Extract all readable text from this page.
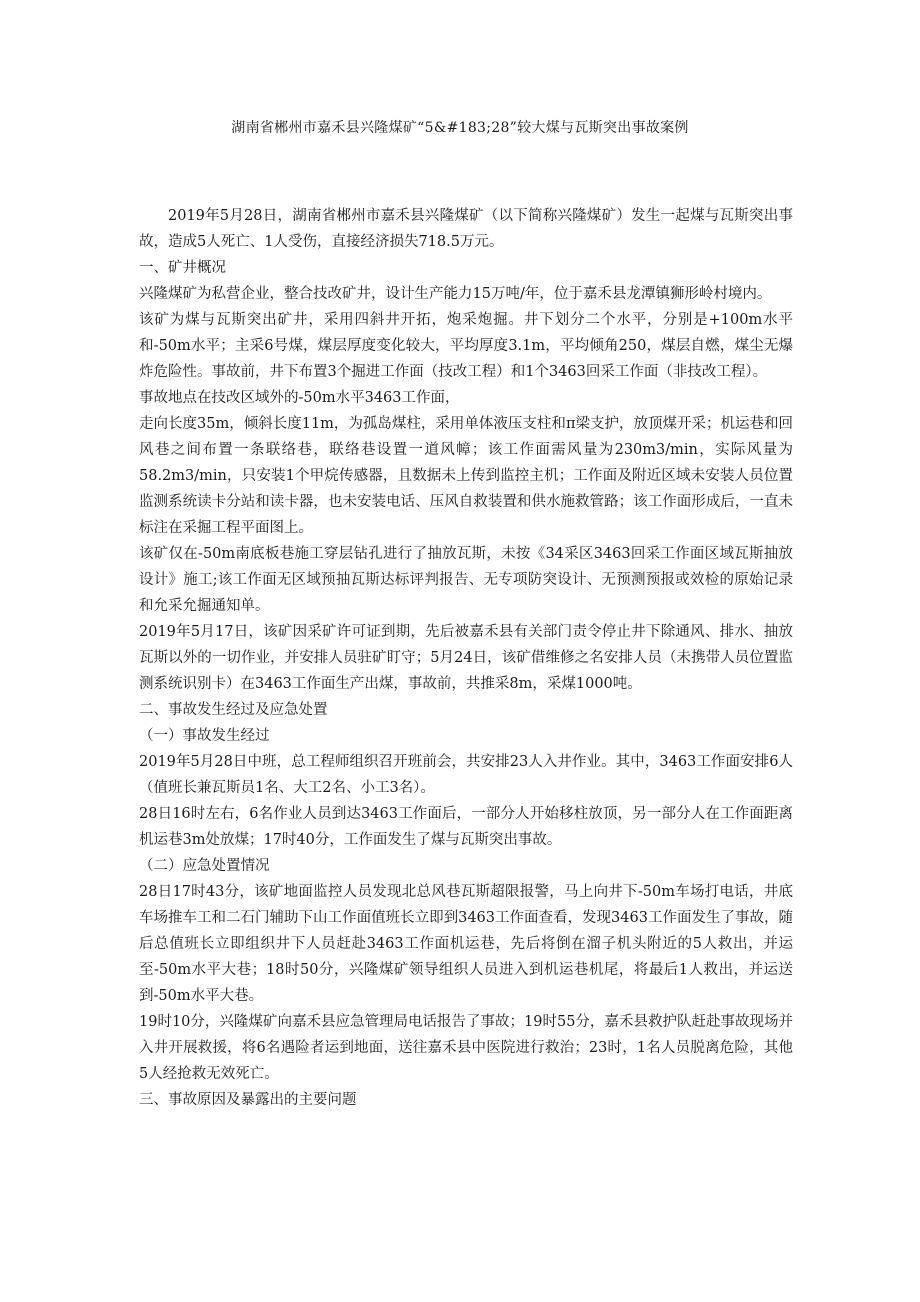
湖南省郴州市嘉禾县兴隆煤矿“5&#183;28”较大煤与瓦斯突出事故案例

2019年5月28日，湖南省郴州市嘉禾县兴隆煤矿（以下简称兴隆煤矿）发生一起煤与瓦斯突出事故，造成5人死亡、1人受伤，直接经济损失718.5万元。

一、矿井概况

兴隆煤矿为私营企业，整合技改矿井，设计生产能力15万吨/年，位于嘉禾县龙潭镇狮形岭村境内。

该矿为煤与瓦斯突出矿井，采用四斜井开拓，炮采炮掘。井下划分二个水平，分别是+100m水平和-50m水平；主采6号煤，煤层厚度变化较大，平均厚度3.1m，平均倾角250，煤层自燃，煤尘无爆炸危险性。事故前，井下布置3个掘进工作面（技改工程）和1个3463回采工作面（非技改工程）。

事故地点在技改区域外的-50m水平3463工作面，

走向长度35m，倾斜长度11m，为孤岛煤柱，采用单体液压支柱和π梁支护，放顶煤开采；机运巷和回风巷之间布置一条联络巷，联络巷设置一道风幛；该工作面需风量为230m3/min，实际风量为58.2m3/min，只安装1个甲烷传感器，且数据未上传到监控主机；工作面及附近区域未安装人员位置监测系统读卡分站和读卡器，也未安装电话、压风自救装置和供水施救管路；该工作面形成后，一直未标注在采掘工程平面图上。

该矿仅在-50m南底板巷施工穿层钻孔进行了抽放瓦斯，未按《34采区3463回采工作面区域瓦斯抽放设计》施工;该工作面无区域预抽瓦斯达标评判报告、无专项防突设计、无预测预报或效检的原始记录和允采允掘通知单。

2019年5月17日，该矿因采矿许可证到期，先后被嘉禾县有关部门责令停止井下除通风、排水、抽放瓦斯以外的一切作业，并安排人员驻矿盯守；5月24日，该矿借维修之名安排人员（未携带人员位置监测系统识别卡）在3463工作面生产出煤，事故前，共推采8m，采煤1000吨。

二、事故发生经过及应急处置

（一）事故发生经过

2019年5月28日中班，总工程师组织召开班前会，共安排23人入井作业。其中，3463工作面安排6人（值班长兼瓦斯员1名、大工2名、小工3名）。

28日16时左右，6名作业人员到达3463工作面后，一部分人开始移柱放顶，另一部分人在工作面距离机运巷3m处放煤；17时40分，工作面发生了煤与瓦斯突出事故。

（二）应急处置情况

28日17时43分，该矿地面监控人员发现北总风巷瓦斯超限报警，马上向井下-50m车场打电话，井底车场推车工和二石门辅助下山工作面值班长立即到3463工作面查看，发现3463工作面发生了事故，随后总值班长立即组织井下人员赶赴3463工作面机运巷，先后将倒在溜子机头附近的5人救出，并运至-50m水平大巷；18时50分，兴隆煤矿领导组织人员进入到机运巷机尾，将最后1人救出，并运送到-50m水平大巷。

19时10分，兴隆煤矿向嘉禾县应急管理局电话报告了事故；19时55分，嘉禾县救护队赶赴事故现场并入井开展救援，将6名遇险者运到地面，送往嘉禾县中医院进行救治；23时，1名人员脱离危险，其他5人经抢救无效死亡。

三、事故原因及暴露出的主要问题
